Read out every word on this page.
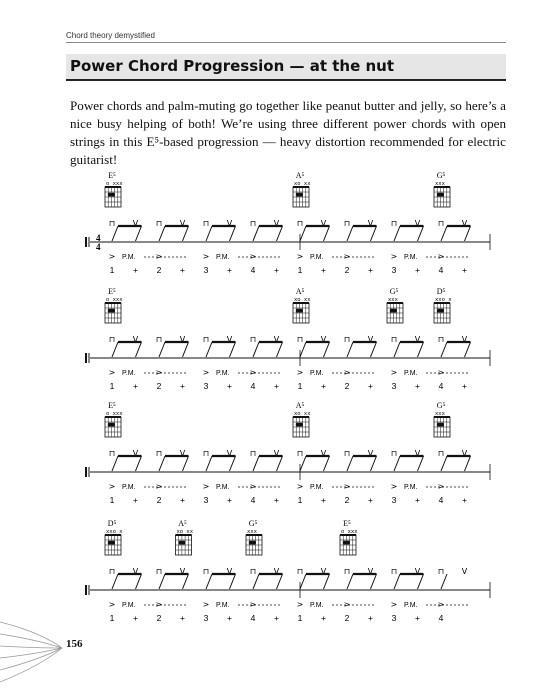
Chord theory demystified
Power Chord Progression — at the nut
Power chords and palm-muting go together like peanut butter and jelly, so here’s a nice busy helping of both! We’re using three different power chords with open strings in this E⁵-based progression — heavy distortion recommended for electric guitarist!
E⁵
o xxx
A⁵
xo xx
G⁵
xxx
⊓ V ⊓ V ⊓ V ⊓ V ⊓ V ⊓ V ⊓ V ⊓ V
4
4
>	>	>	>	>	>	>	>
P.M.	P.M.	P.M.	P.M.
1 + 2 + 3 + 4 + 1 + 2 + 3 + 4 +
E⁵
o xxx
A⁵
xo xx
G⁵
xxx
D⁵
xxo x
⊓ V ⊓ V ⊓ V ⊓ V ⊓ V ⊓ V ⊓ V ⊓ V
>	>	>	>	>	>	>	>
P.M.	P.M.	P.M.	P.M.
1 + 2 + 3 + 4 + 1 + 2 + 3 + 4 +
E⁵
o xxx
A⁵
xo xx
G⁵
xxx
⊓ V ⊓ V ⊓ V ⊓ V ⊓ V ⊓ V ⊓ V ⊓ V
>	>	>	>	>	>	>	>
P.M.	P.M.	P.M.	P.M.
1 + 2 + 3 + 4 + 1 + 2 + 3 + 4 +
D⁵
xxo x
A⁵
xo xx
G⁵
xxx
E⁵
o xxx
⊓ V ⊓ V ⊓ V ⊓ V ⊓ V ⊓ V ⊓ V ⊓ V
>	>	>	>	>	>	>	>
P.M.	P.M.	P.M.	P.M.
1 + 2 + 3 + 4 + 1 + 2 + 3 + 4
156
